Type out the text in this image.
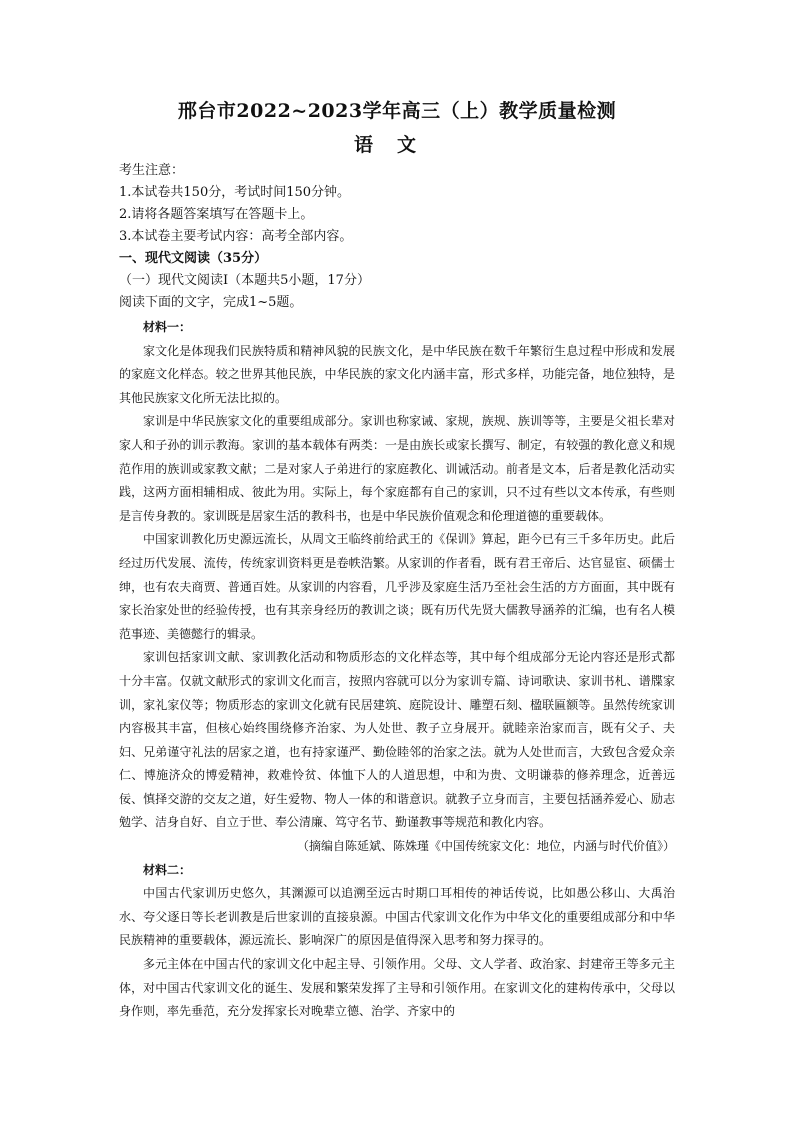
邢台市2022~2023学年高三（上）教学质量检测
语文

考生注意：

1.本试卷共150分，考试时间150分钟。

2.请将各题答案填写在答题卡上。

3.本试卷主要考试内容：高考全部内容。

一、现代文阅读（35分）

（一）现代文阅读Ⅰ（本题共5小题，17分）

阅读下面的文字，完成1~5题。

材料一：

家文化是体现我们民族特质和精神风貌的民族文化，是中华民族在数千年繁衍生息过程中形成和发展的家庭文化样态。较之世界其他民族，中华民族的家文化内涵丰富，形式多样，功能完备，地位独特，是其他民族家文化所无法比拟的。

家训是中华民族家文化的重要组成部分。家训也称家诫、家规，族规、族训等等，主要是父祖长辈对家人和子孙的训示教海。家训的基本载体有两类：一是由族长或家长撰写、制定，有较强的教化意义和规范作用的族训或家教文献；二是对家人子弟进行的家庭教化、训诫活动。前者是文本，后者是教化活动实践，这两方面相辅相成、彼此为用。实际上，每个家庭都有自己的家训，只不过有些以文本传承，有些则是言传身教的。家训既是居家生活的教科书，也是中华民族价值观念和伦理道德的重要载体。

中国家训教化历史源远流长，从周文王临终前给武王的《保训》算起，距今已有三千多年历史。此后经过历代发展、流传，传统家训资料更是卷帙浩繁。从家训的作者看，既有君王帝后、达官显宦、硕儒士绅，也有农夫商贾、普通百姓。从家训的内容看，几乎涉及家庭生活乃至社会生活的方方面面，其中既有家长治家处世的经验传授，也有其亲身经历的教训之谈；既有历代先贤大儒教导涵养的汇编，也有名人模范事迹、美德懿行的辑录。

家训包括家训文献、家训教化活动和物质形态的文化样态等，其中每个组成部分无论内容还是形式都十分丰富。仅就文献形式的家训文化而言，按照内容就可以分为家训专篇、诗词歌诀、家训书札、谱牒家训，家礼家仪等；物质形态的家训文化就有民居建筑、庭院设计、雕塑石刻、楹联匾额等。虽然传统家训内容极其丰富，但核心始终围绕修齐治家、为人处世、教子立身展开。就睦亲治家而言，既有父子、夫妇、兄弟谨守礼法的居家之道，也有持家谨严、勤俭睦邻的治家之法。就为人处世而言，大致包含爱众亲仁、博施济众的博爱精神，救难怜贫、体恤下人的人道思想，中和为贵、文明谦恭的修养理念，近善远佞、慎择交游的交友之道，好生爱物、物人一体的和谐意识。就教子立身而言，主要包括涵养爱心、励志勉学、洁身自好、自立于世、奉公清廉、笃守名节、勤谨教事等规范和教化内容。

（摘编自陈延斌、陈姝瑾《中国传统家文化：地位，内涵与时代价值》）

材料二：

中国古代家训历史悠久，其渊源可以追溯至远古时期口耳相传的神话传说，比如愚公移山、大禹治水、夸父逐日等长老训教是后世家训的直接泉源。中国古代家训文化作为中华文化的重要组成部分和中华民族精神的重要载体，源远流长、影响深广的原因是值得深入思考和努力探寻的。

多元主体在中国古代的家训文化中起主导、引领作用。父母、文人学者、政治家、封建帝王等多元主体，对中国古代家训文化的诞生、发展和繁荣发挥了主导和引领作用。在家训文化的建构传承中，父母以身作则，率先垂范，充分发挥家长对晚辈立德、治学、齐家中的
